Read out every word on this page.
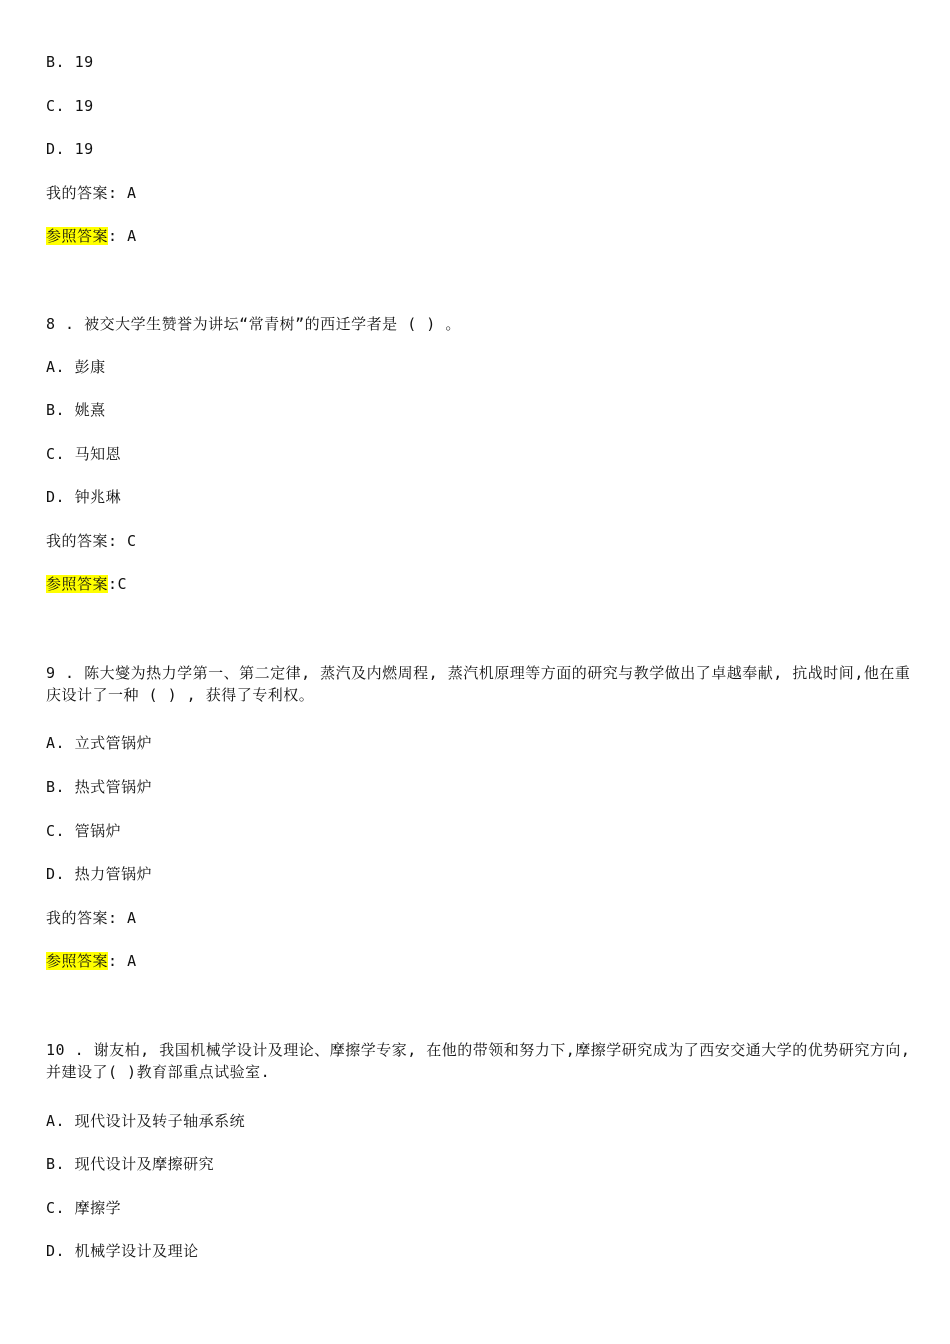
B. 19
C. 19
D. 19
我的答案: A
参照答案: A
8 . 被交大学生赞誉为讲坛“常青树”的西迁学者是 ( ) 。
A. 彭康
B. 姚熹
C. 马知恩
D. 钟兆琳
我的答案: C
参照答案:C
9 . 陈大燮为热力学第一、第二定律, 蒸汽及内燃周程, 蒸汽机原理等方面的研究与教学做出了卓越奉献, 抗战时间,他在重庆设计了一种 ( ) , 获得了专利权。
A. 立式管锅炉
B. 热式管锅炉
C. 管锅炉
D. 热力管锅炉
我的答案: A
参照答案: A
10 . 谢友柏, 我国机械学设计及理论、摩擦学专家, 在他的带领和努力下,摩擦学研究成为了西安交通大学的优势研究方向, 并建设了( )教育部重点试验室.
A. 现代设计及转子轴承系统
B. 现代设计及摩擦研究
C. 摩擦学
D. 机械学设计及理论
